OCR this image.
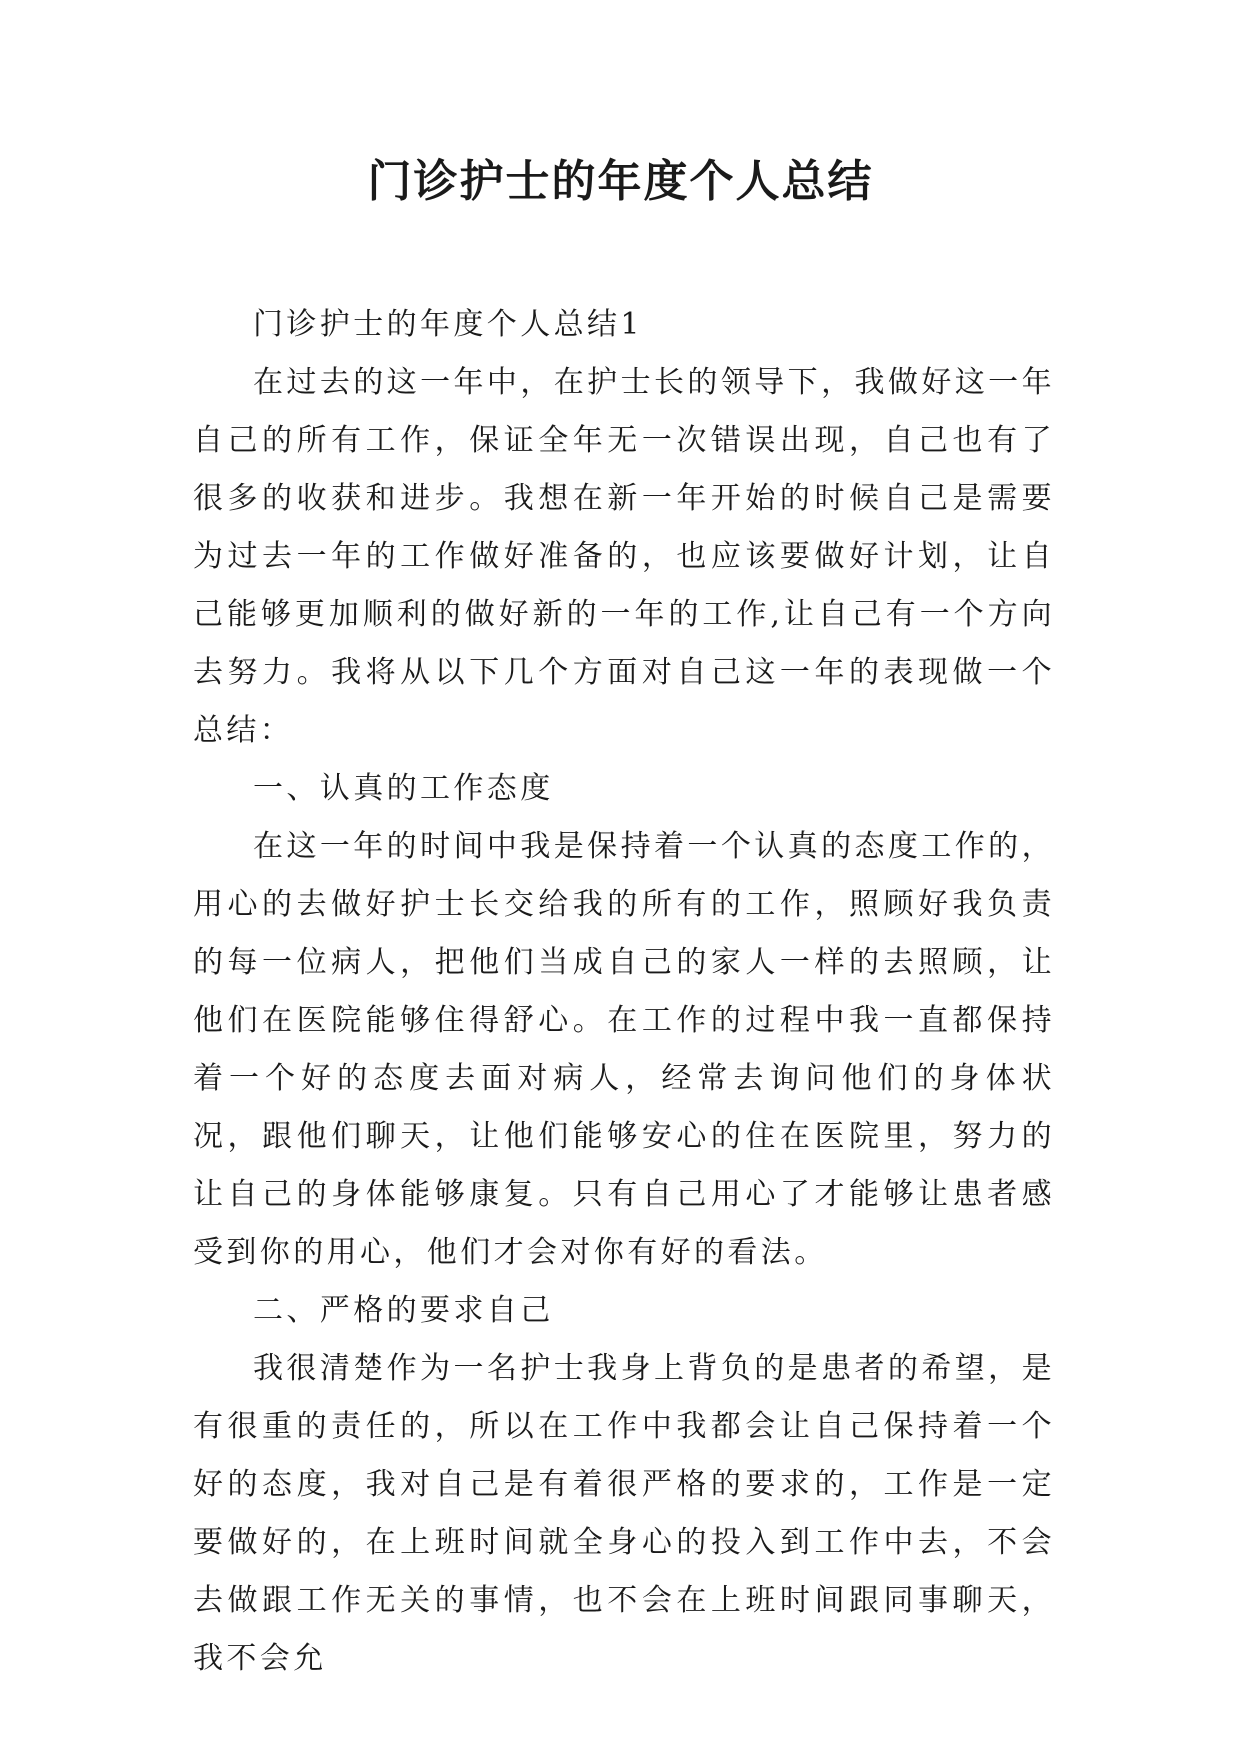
门诊护士的年度个人总结

门诊护士的年度个人总结1

在过去的这一年中，在护士长的领导下，我做好这一年自己的所有工作，保证全年无一次错误出现，自己也有了很多的收获和进步。我想在新一年开始的时候自己是需要为过去一年的工作做好准备的，也应该要做好计划，让自己能够更加顺利的做好新的一年的工作,让自己有一个方向去努力。我将从以下几个方面对自己这一年的表现做一个总结：

一、认真的工作态度

在这一年的时间中我是保持着一个认真的态度工作的，用心的去做好护士长交给我的所有的工作，照顾好我负责的每一位病人，把他们当成自己的家人一样的去照顾，让他们在医院能够住得舒心。在工作的过程中我一直都保持着一个好的态度去面对病人，经常去询问他们的身体状况，跟他们聊天，让他们能够安心的住在医院里，努力的让自己的身体能够康复。只有自己用心了才能够让患者感受到你的用心，他们才会对你有好的看法。

二、严格的要求自己

我很清楚作为一名护士我身上背负的是患者的希望，是有很重的责任的，所以在工作中我都会让自己保持着一个好的态度，我对自己是有着很严格的要求的，工作是一定要做好的，在上班时间就全身心的投入到工作中去，不会去做跟工作无关的事情，也不会在上班时间跟同事聊天，我不会允
